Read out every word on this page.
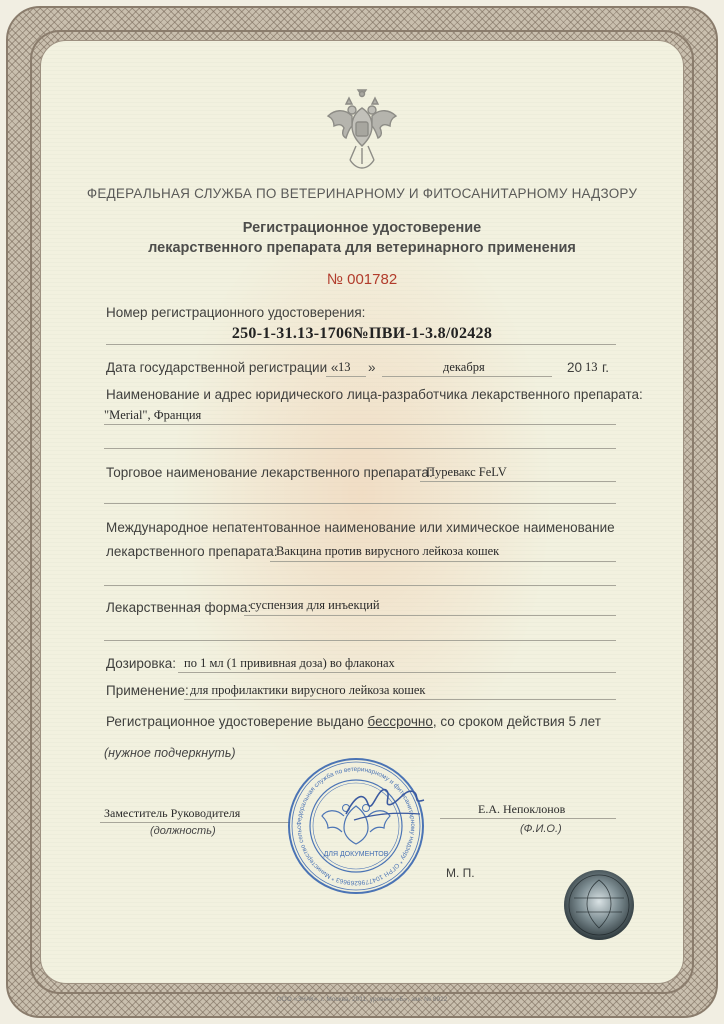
ФЕДЕРАЛЬНАЯ СЛУЖБА ПО ВЕТЕРИНАРНОМУ И ФИТОСАНИТАРНОМУ НАДЗОРУ
Регистрационное удостоверение
лекарственного препарата для ветеринарного применения
№ 001782
Номер регистрационного удостоверения:
250-1-31.13-1706№ПВИ-1-3.8/02428
Дата государственной регистрации « 13 »	декабря	20 13 г.
Наименование и адрес юридического лица-разработчика лекарственного препарата:
"Merial", Франция
Торговое наименование лекарственного препарата:
Пуревакс FeLV
Международное непатентованное наименование или химическое наименование
лекарственного препарата:
Вакцина против вирусного лейкоза кошек
Лекарственная форма:
суспензия для инъекций
Дозировка: по 1 мл (1 прививная доза) во флаконах
Применение: для профилактики вирусного лейкоза кошек
Регистрационное удостоверение выдано бессрочно, со сроком действия 5 лет
(нужное подчеркнуть)
Заместитель Руководителя
(должность)
Е.А. Непоклонов
(Ф.И.О.)
М. П.
Федеральная служба по ветеринарному и фитосанитарному надзору * ОГРН 1047796269663 * Министерство сельс
ДЛЯ ДОКУМЕНТОВ
ООО «ЗНАК», г. Москва, 2011, уровень «Б», зак. № 8922
